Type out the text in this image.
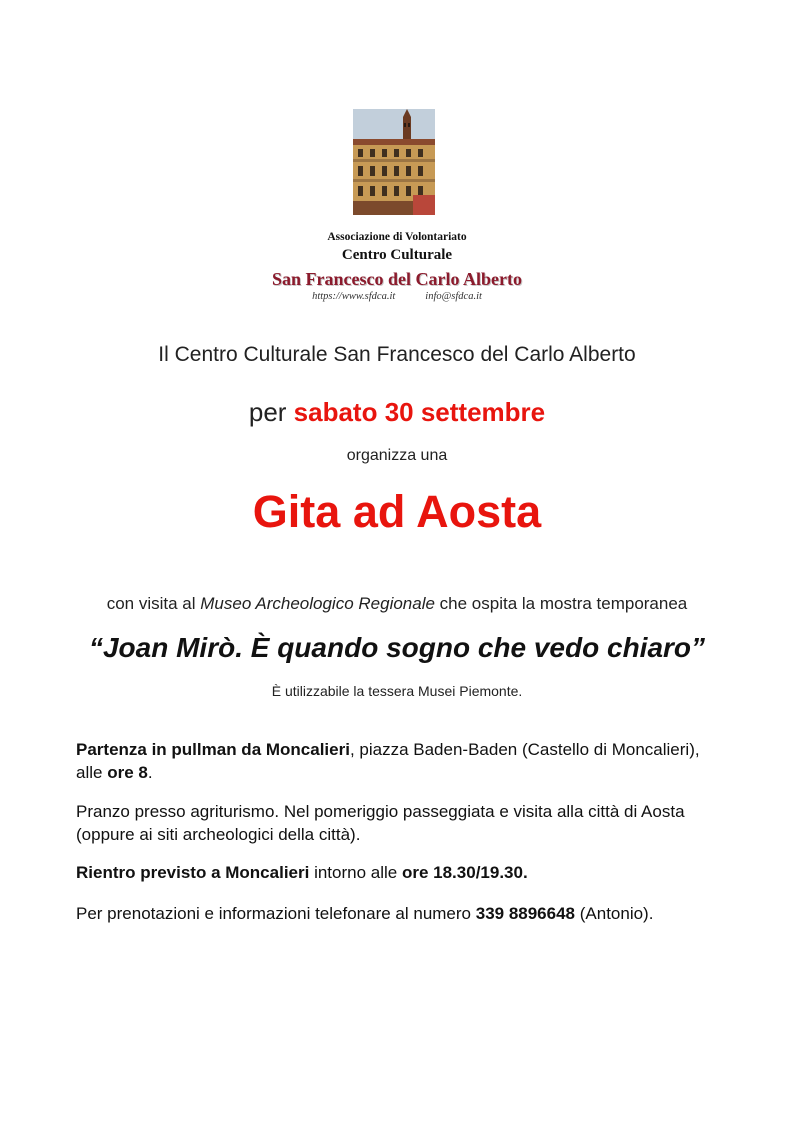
Associazione di Volontariato
Centro Culturale
San Francesco del Carlo Alberto
https://www.sfdca.it	info@sfdca.it
Il Centro Culturale San Francesco del Carlo Alberto
per sabato 30 settembre
organizza una
Gita ad Aosta
con visita al Museo Archeologico Regionale che ospita la mostra temporanea
“Joan Mirò. È quando sogno che vedo chiaro”
È utilizzabile la tessera Musei Piemonte.
Partenza in pullman da Moncalieri, piazza Baden-Baden (Castello di Moncalieri), alle ore 8.
Pranzo presso agriturismo. Nel pomeriggio passeggiata e visita alla città di Aosta (oppure ai siti archeologici della città).
Rientro previsto a Moncalieri intorno alle ore 18.30/19.30.
Per prenotazioni e informazioni telefonare al numero 339 8896648 (Antonio).
